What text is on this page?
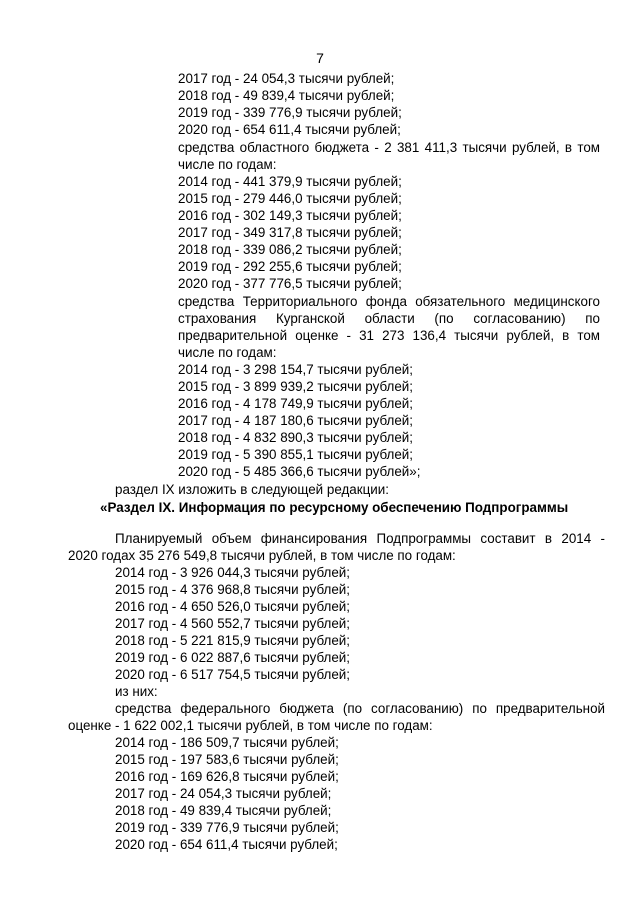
7
2017 год - 24 054,3 тысячи рублей;
2018 год - 49 839,4 тысячи рублей;
2019 год - 339 776,9 тысячи рублей;
2020 год - 654 611,4 тысячи рублей;
средства областного бюджета - 2 381 411,3 тысячи рублей, в том
числе по годам:
2014 год - 441 379,9 тысячи рублей;
2015 год - 279 446,0 тысячи рублей;
2016 год - 302 149,3 тысячи рублей;
2017 год - 349 317,8 тысячи рублей;
2018 год - 339 086,2 тысячи рублей;
2019 год - 292 255,6 тысячи рублей;
2020 год - 377 776,5 тысячи рублей;
средства Территориального фонда обязательного медицинского
страхования Курганской области (по согласованию) по
предварительной оценке - 31 273 136,4 тысячи рублей, в том
числе по годам:
2014 год - 3 298 154,7 тысячи рублей;
2015 год - 3 899 939,2 тысячи рублей;
2016 год - 4 178 749,9 тысячи рублей;
2017 год - 4 187 180,6 тысячи рублей;
2018 год - 4 832 890,3 тысячи рублей;
2019 год - 5 390 855,1 тысячи рублей;
2020 год - 5 485 366,6 тысячи рублей»;
раздел IX изложить в следующей редакции:
«Раздел IX. Информация по ресурсному обеспечению Подпрограммы
Планируемый объем финансирования Подпрограммы составит в 2014 -
2020 годах 35 276 549,8 тысячи рублей, в том числе по годам:
2014 год - 3 926 044,3 тысячи рублей;
2015 год - 4 376 968,8 тысячи рублей;
2016 год - 4 650 526,0 тысячи рублей;
2017 год - 4 560 552,7 тысячи рублей;
2018 год - 5 221 815,9 тысячи рублей;
2019 год - 6 022 887,6 тысячи рублей;
2020 год - 6 517 754,5 тысячи рублей;
из них:
средства федерального бюджета (по согласованию) по предварительной
оценке - 1 622 002,1 тысячи рублей, в том числе по годам:
2014 год - 186 509,7 тысячи рублей;
2015 год - 197 583,6 тысячи рублей;
2016 год - 169 626,8 тысячи рублей;
2017 год - 24 054,3 тысячи рублей;
2018 год - 49 839,4 тысячи рублей;
2019 год - 339 776,9 тысячи рублей;
2020 год - 654 611,4 тысячи рублей;
